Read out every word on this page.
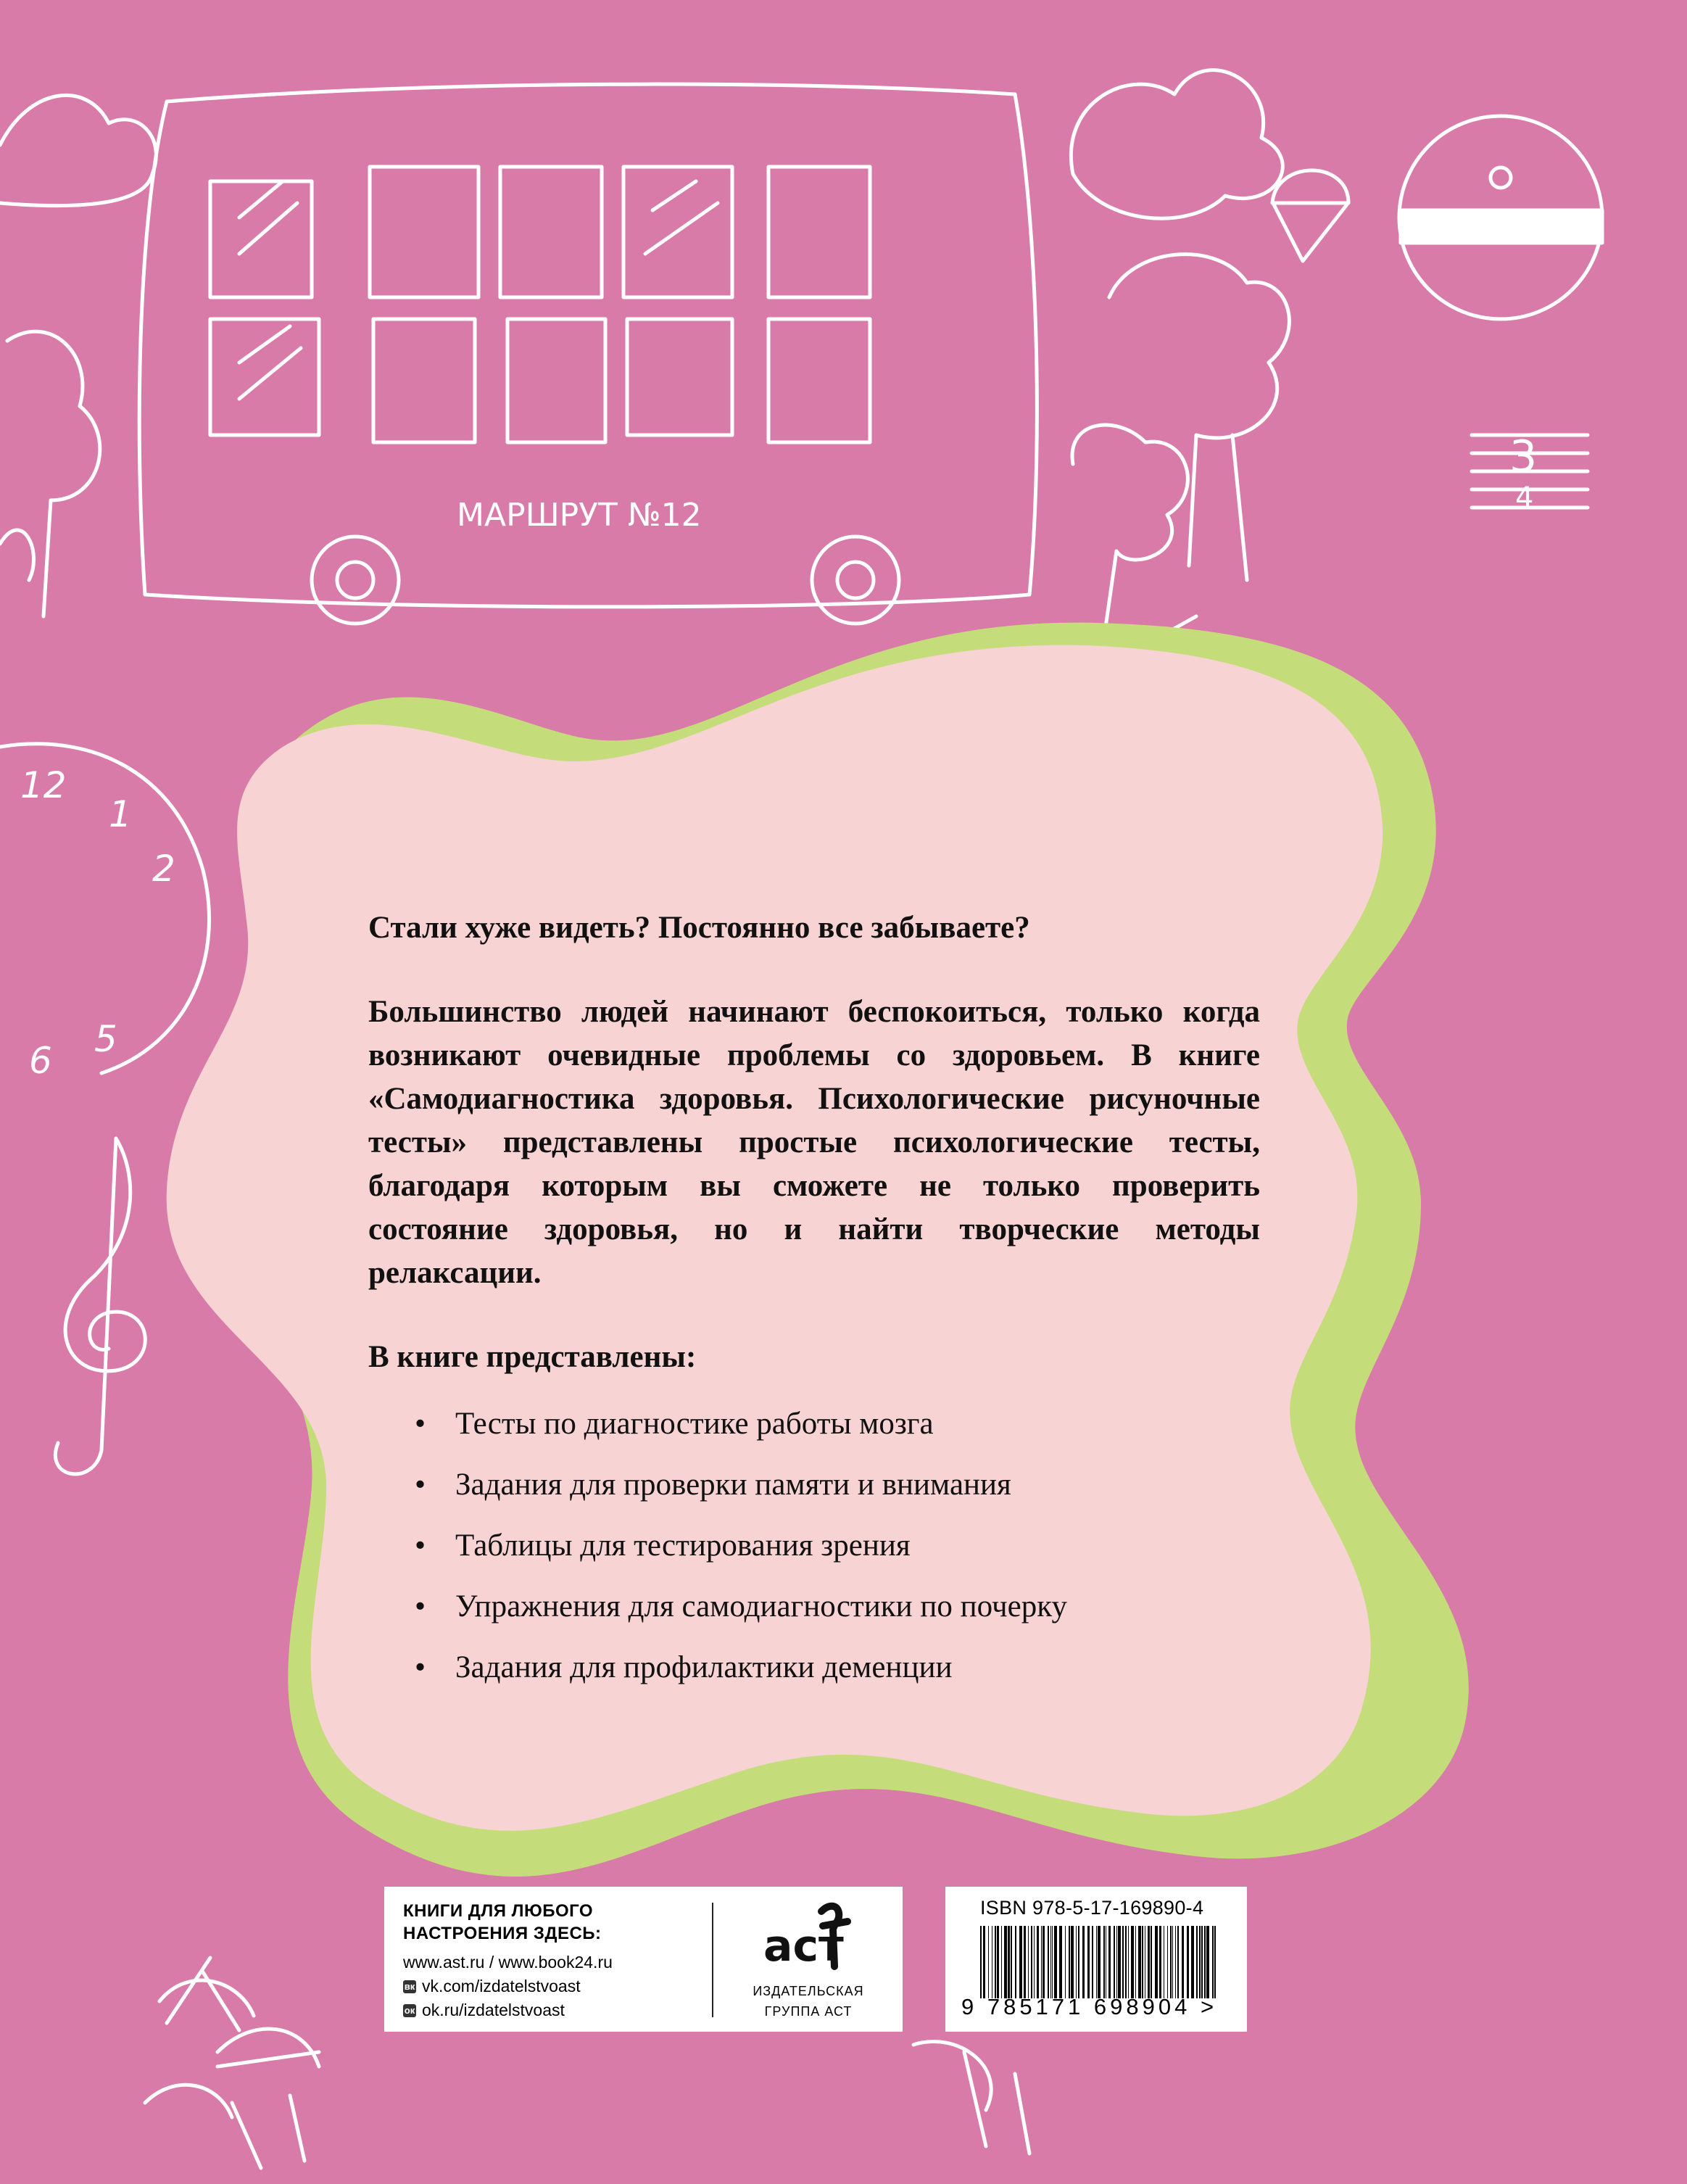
МАРШРУТ №12
3
4
12
1
2
5
6

Стали хуже видеть? Постоянно все забываете?

Большинство людей начинают беспокоиться, только когда возникают очевидные проблемы со здоровьем. В книге «Самодиагностика здоровья. Психологические рисуночные тесты» представлены простые психологические тесты, благодаря которым вы сможете не только проверить состояние здоровья, но и найти творческие методы релаксации.

В книге представлены:

• Тесты по диагностике работы мозга
• Задания для проверки памяти и внимания
• Таблицы для тестирования зрения
• Упражнения для самодиагностики по почерку
• Задания для профилактики деменции
КНИГИ ДЛЯ ЛЮБОГО
НАСТРОЕНИЯ ЗДЕСЬ:
www.ast.ru / www.book24.ru
вк vk.com/izdatelstvoast
ок ok.ru/izdatelstvoast
аст
ИЗДАТЕЛЬСКАЯ
ГРУППА АСТ
ISBN 978-5-17-169890-4
9 785171 698904 >
